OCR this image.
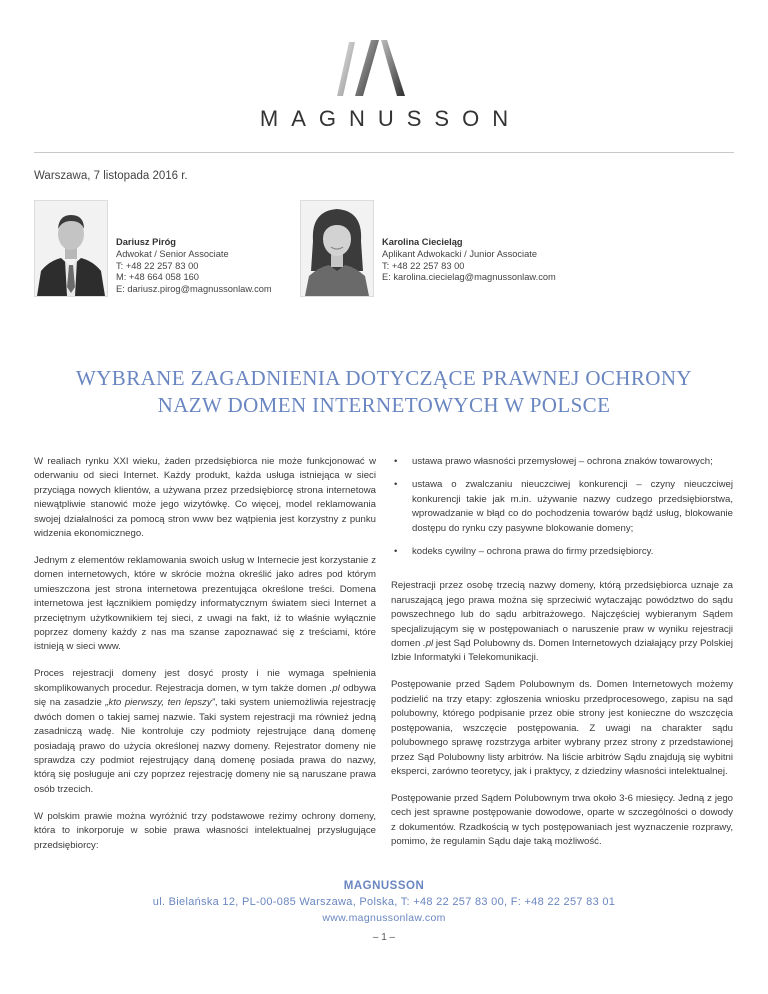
MAGNUSSON
Warszawa, 7 listopada 2016 r.
Dariusz Piróg
Adwokat / Senior Associate
T: +48 22 257 83 00
M: +48 664 058 160
E: dariusz.pirog@magnussonlaw.com
Karolina Ciecieląg
Aplikant Adwokacki / Junior Associate
T: +48 22 257 83 00
E: karolina.ciecielag@magnussonlaw.com
WYBRANE ZAGADNIENIA DOTYCZĄCE PRAWNEJ OCHRONY
NAZW DOMEN INTERNETOWYCH W POLSCE

W realiach rynku XXI wieku, żaden przedsiębiorca nie może funkcjonować w oderwaniu od sieci Internet. Każdy produkt, każda usługa istniejąca w sieci przyciąga nowych klientów, a używana przez przedsiębiorcę strona internetowa niewątpliwie stanowić może jego wizytówkę. Co więcej, model reklamowania swojej działalności za pomocą stron www bez wątpienia jest korzystny z punku widzenia ekonomicznego.

Jednym z elementów reklamowania swoich usług w Internecie jest korzystanie z domen internetowych, które w skrócie można określić jako adres pod którym umieszczona jest strona internetowa prezentująca określone treści. Domena internetowa jest łącznikiem pomiędzy informatycznym światem sieci Internet a przeciętnym użytkownikiem tej sieci, z uwagi na fakt, iż to właśnie wyłącznie poprzez domeny każdy z nas ma szanse zapoznawać się z treściami, które istnieją w sieci www.

Proces rejestracji domeny jest dosyć prosty i nie wymaga spełnienia skomplikowanych procedur. Rejestracja domen, w tym także domen .pl odbywa się na zasadzie „kto pierwszy, ten lepszy”, taki system uniemożliwia rejestrację dwóch domen o takiej samej nazwie. Taki system rejestracji ma również jedną zasadniczą wadę. Nie kontroluje czy podmioty rejestrujące daną domenę posiadają prawo do użycia określonej nazwy domeny. Rejestrator domeny nie sprawdza czy podmiot rejestrujący daną domenę posiada prawa do nazwy, którą się posługuje ani czy poprzez rejestrację domeny nie są naruszane prawa osób trzecich.

W polskim prawie można wyróżnić trzy podstawowe reżimy ochrony domeny, która to inkorporuje w sobie prawa własności intelektualnej przysługujące przedsiębiorcy:

• ustawa prawo własności przemysłowej – ochrona znaków towarowych;
• ustawa o zwalczaniu nieuczciwej konkurencji – czyny nieuczciwej konkurencji takie jak m.in. używanie nazwy cudzego przedsiębiorstwa, wprowadzanie w błąd co do pochodzenia towarów bądź usług, blokowanie dostępu do rynku czy pasywne blokowanie domeny;
• kodeks cywilny – ochrona prawa do firmy przedsiębiorcy.

Rejestracji przez osobę trzecią nazwy domeny, którą przedsiębiorca uznaje za naruszającą jego prawa można się sprzeciwić wytaczając powództwo do sądu powszechnego lub do sądu arbitrażowego. Najczęściej wybieranym Sądem specjalizującym się w postępowaniach o naruszenie praw w wyniku rejestracji domen .pl jest Sąd Polubowny ds. Domen Internetowych działający przy Polskiej Izbie Informatyki i Telekomunikacji.

Postępowanie przed Sądem Polubownym ds. Domen Internetowych możemy podzielić na trzy etapy: zgłoszenia wniosku przedprocesowego, zapisu na sąd polubowny, którego podpisanie przez obie strony jest konieczne do wszczęcia postępowania, wszczęcie postępowania. Z uwagi na charakter sądu polubownego sprawę rozstrzyga arbiter wybrany przez strony z przedstawionej przez Sąd Polubowny listy arbitrów. Na liście arbitrów Sądu znajdują się wybitni eksperci, zarówno teoretycy, jak i praktycy, z dziedziny własności intelektualnej.

Postępowanie przed Sądem Polubownym trwa około 3-6 miesięcy. Jedną z jego cech jest sprawne postępowanie dowodowe, oparte w szczególności o dowody z dokumentów. Rzadkością w tych postępowaniach jest wyznaczenie rozprawy, pomimo, że regulamin Sądu daje taką możliwość.

MAGNUSSON
ul. Bielańska 12, PL-00-085 Warszawa, Polska, T: +48 22 257 83 00, F: +48 22 257 83 01
www.magnussonlaw.com
– 1 –
